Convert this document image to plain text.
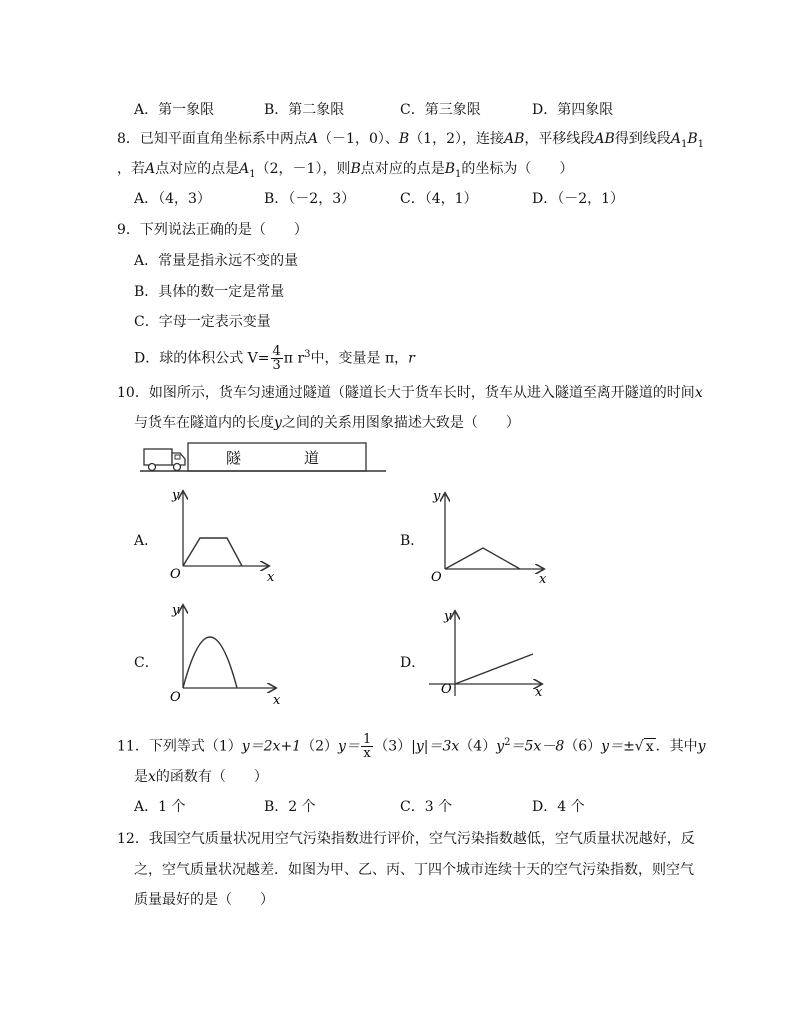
A．第一象限	B．第二象限	C．第三象限	D．第四象限
8．已知平面直角坐标系中两点A（－1，0）、B（1，2），连接AB，平移线段AB得到线段$A_1B_1$
，若A点对应的点是$A_1(2$，－1），则B点对应的点是$B_1$的坐标为（　　）
A．（4，3）	B．（－2，3）	C．（4，1）	D．（－2，1）
9．下列说法正确的是（　　）
A．常量是指永远不变的量
B．具体的数一定是常量
C．字母一定表示变量
D．球的体积公式 $V= \frac{4}{3}$ π $r^3$中，变量是 π，r
10．如图所示，货车匀速通过隧道（隧道长大于货车长时，货车从进入隧道至离开隧道的时间x
与货车在隧道内的长度y之间的关系用图象描述大致是（　　）
隧	道
A．	B．
C．	D．
y
x
O
y
x
O
y
x
O
y
x
O
11．下列等式$(1)y=2x+1(2)y= \frac{1}{x} (3)|y|=3x(4)y^2=5x-8(6)y=\pm√$ x ．其中y
是x的函数有（　　）
A．1 个	B．2 个	C．3 个	D．4 个
12．我国空气质量状况用空气污染指数进行评价，空气污染指数越低，空气质量状况越好，反
之，空气质量状况越差．如图为甲、乙、丙、丁四个城市连续十天的空气污染指数，则空气
质量最好的是（　　）
